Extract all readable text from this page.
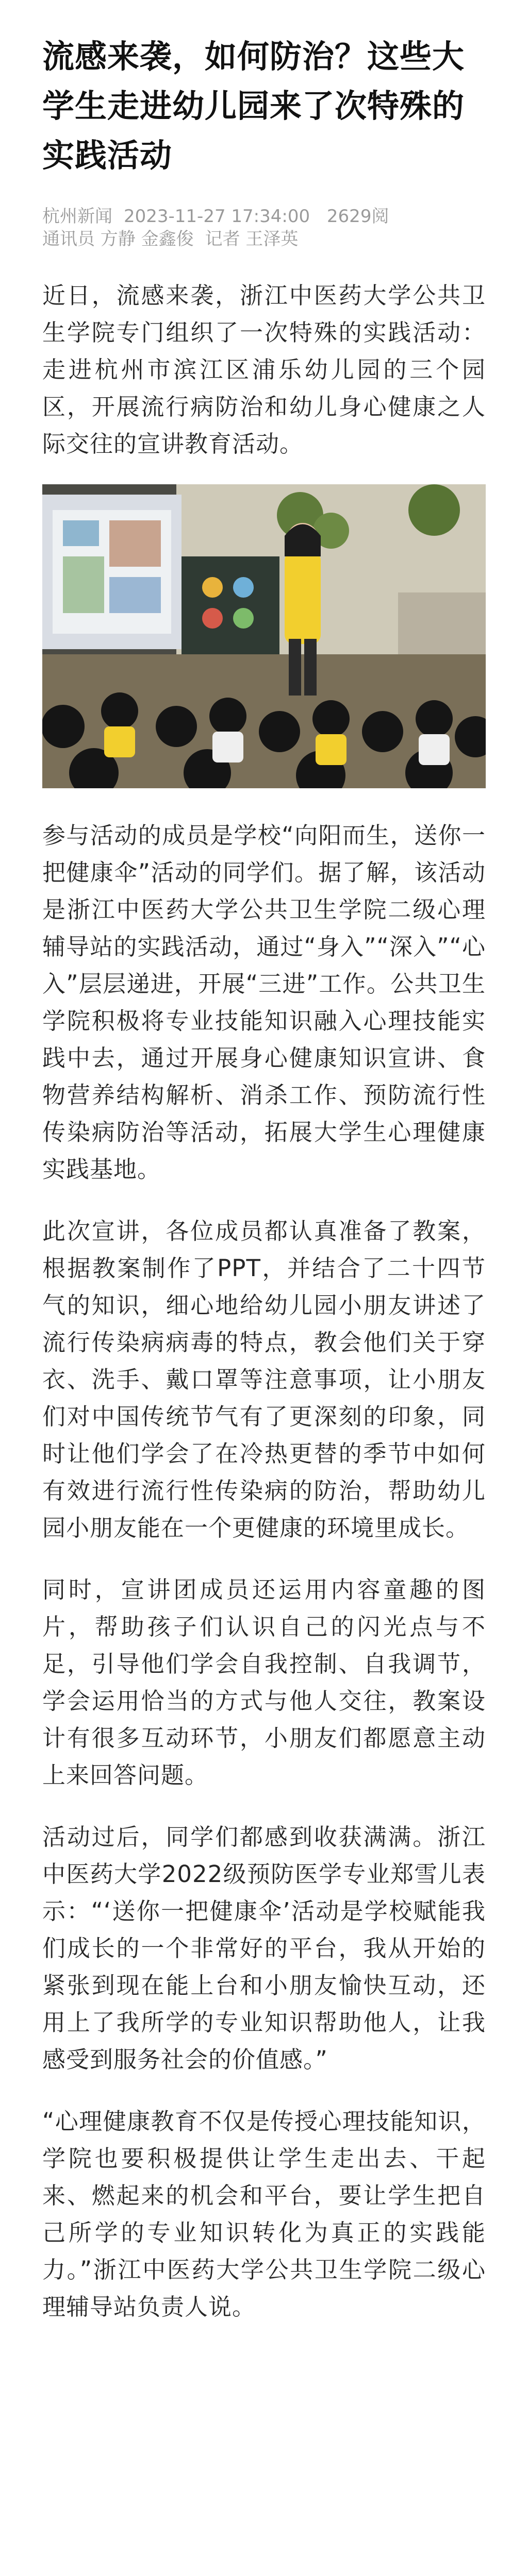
流感来袭，如何防治？这些大学生走进幼儿园来了次特殊的实践活动
杭州新闻 2023-11-27 17:34:00 2629阅
通讯员 方静 金鑫俊 记者 王泽英

近日，流感来袭，浙江中医药大学公共卫生学院专门组织了一次特殊的实践活动：走进杭州市滨江区浦乐幼儿园的三个园区，开展流行病防治和幼儿身心健康之人际交往的宣讲教育活动。

参与活动的成员是学校“向阳而生，送你一把健康伞”活动的同学们。据了解，该活动是浙江中医药大学公共卫生学院二级心理辅导站的实践活动，通过“身入”“深入”“心入”层层递进，开展“三进”工作。公共卫生学院积极将专业技能知识融入心理技能实践中去，通过开展身心健康知识宣讲、食物营养结构解析、消杀工作、预防流行性传染病防治等活动，拓展大学生心理健康实践基地。

此次宣讲，各位成员都认真准备了教案，根据教案制作了PPT，并结合了二十四节气的知识，细心地给幼儿园小朋友讲述了流行传染病病毒的特点，教会他们关于穿衣、洗手、戴口罩等注意事项，让小朋友们对中国传统节气有了更深刻的印象，同时让他们学会了在冷热更替的季节中如何有效进行流行性传染病的防治，帮助幼儿园小朋友能在一个更健康的环境里成长。

同时，宣讲团成员还运用内容童趣的图片，帮助孩子们认识自己的闪光点与不足，引导他们学会自我控制、自我调节，学会运用恰当的方式与他人交往，教案设计有很多互动环节，小朋友们都愿意主动上来回答问题。

活动过后，同学们都感到收获满满。浙江中医药大学2022级预防医学专业郑雪儿表示：“‘送你一把健康伞’活动是学校赋能我们成长的一个非常好的平台，我从开始的紧张到现在能上台和小朋友愉快互动，还用上了我所学的专业知识帮助他人，让我感受到服务社会的价值感。”

“心理健康教育不仅是传授心理技能知识，学院也要积极提供让学生走出去、干起来、燃起来的机会和平台，要让学生把自己所学的专业知识转化为真正的实践能力。”浙江中医药大学公共卫生学院二级心理辅导站负责人说。
